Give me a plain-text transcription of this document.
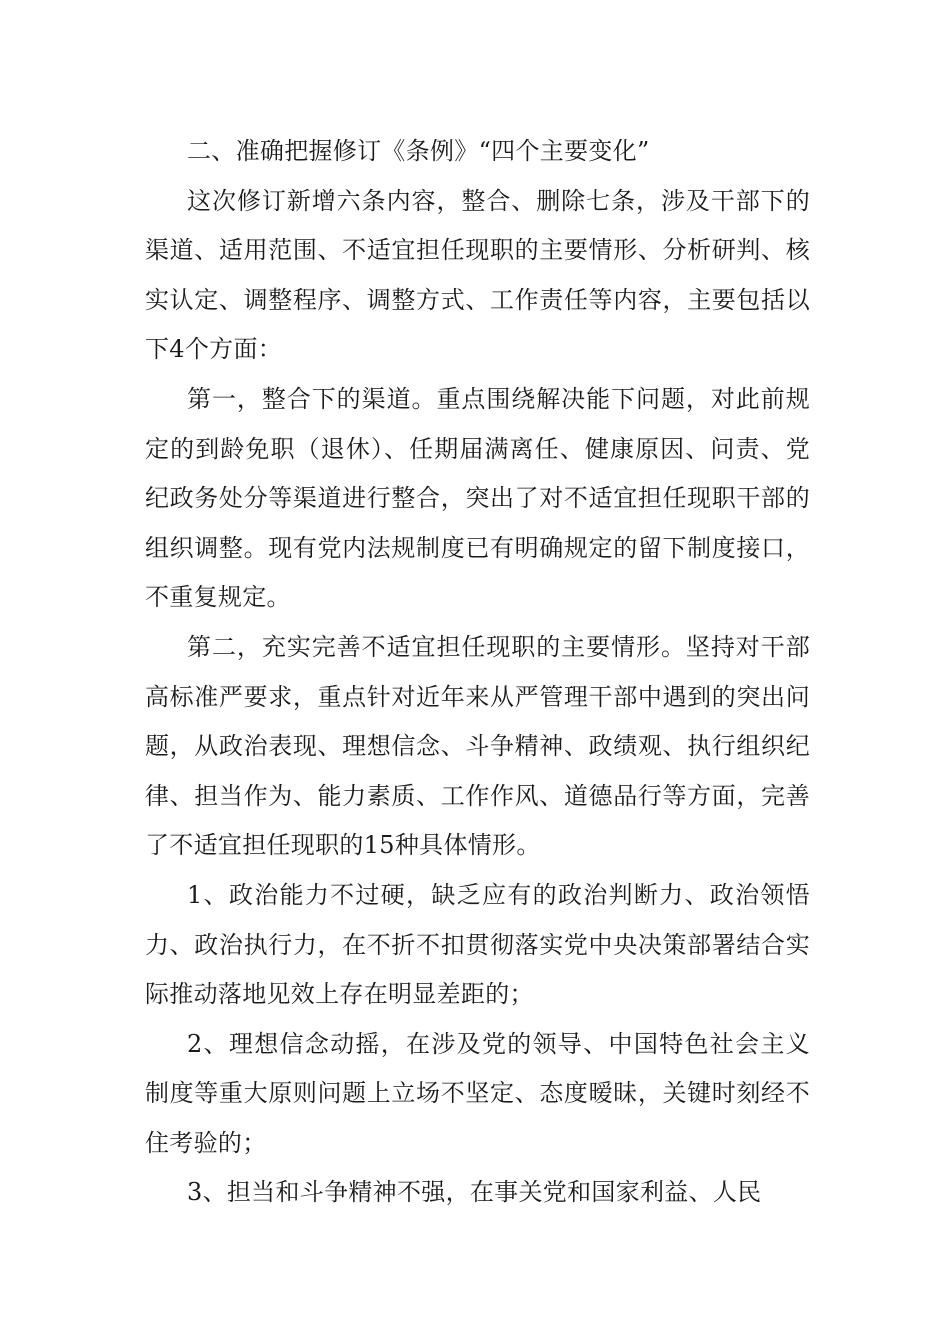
二、准确把握修订《条例》“四个主要变化”

这次修订新增六条内容，整合、删除七条，涉及干部下的渠道、适用范围、不适宜担任现职的主要情形、分析研判、核实认定、调整程序、调整方式、工作责任等内容，主要包括以下4个方面：

第一，整合下的渠道。重点围绕解决能下问题，对此前规定的到龄免职（退休）、任期届满离任、健康原因、问责、党纪政务处分等渠道进行整合，突出了对不适宜担任现职干部的组织调整。现有党内法规制度已有明确规定的留下制度接口，不重复规定。

第二，充实完善不适宜担任现职的主要情形。坚持对干部高标准严要求，重点针对近年来从严管理干部中遇到的突出问题，从政治表现、理想信念、斗争精神、政绩观、执行组织纪律、担当作为、能力素质、工作作风、道德品行等方面，完善了不适宜担任现职的15种具体情形。

1、政治能力不过硬，缺乏应有的政治判断力、政治领悟力、政治执行力，在不折不扣贯彻落实党中央决策部署结合实际推动落地见效上存在明显差距的；

2、理想信念动摇，在涉及党的领导、中国特色社会主义制度等重大原则问题上立场不坚定、态度暧昧，关键时刻经不住考验的；

3、担当和斗争精神不强，在事关党和国家利益、人民
